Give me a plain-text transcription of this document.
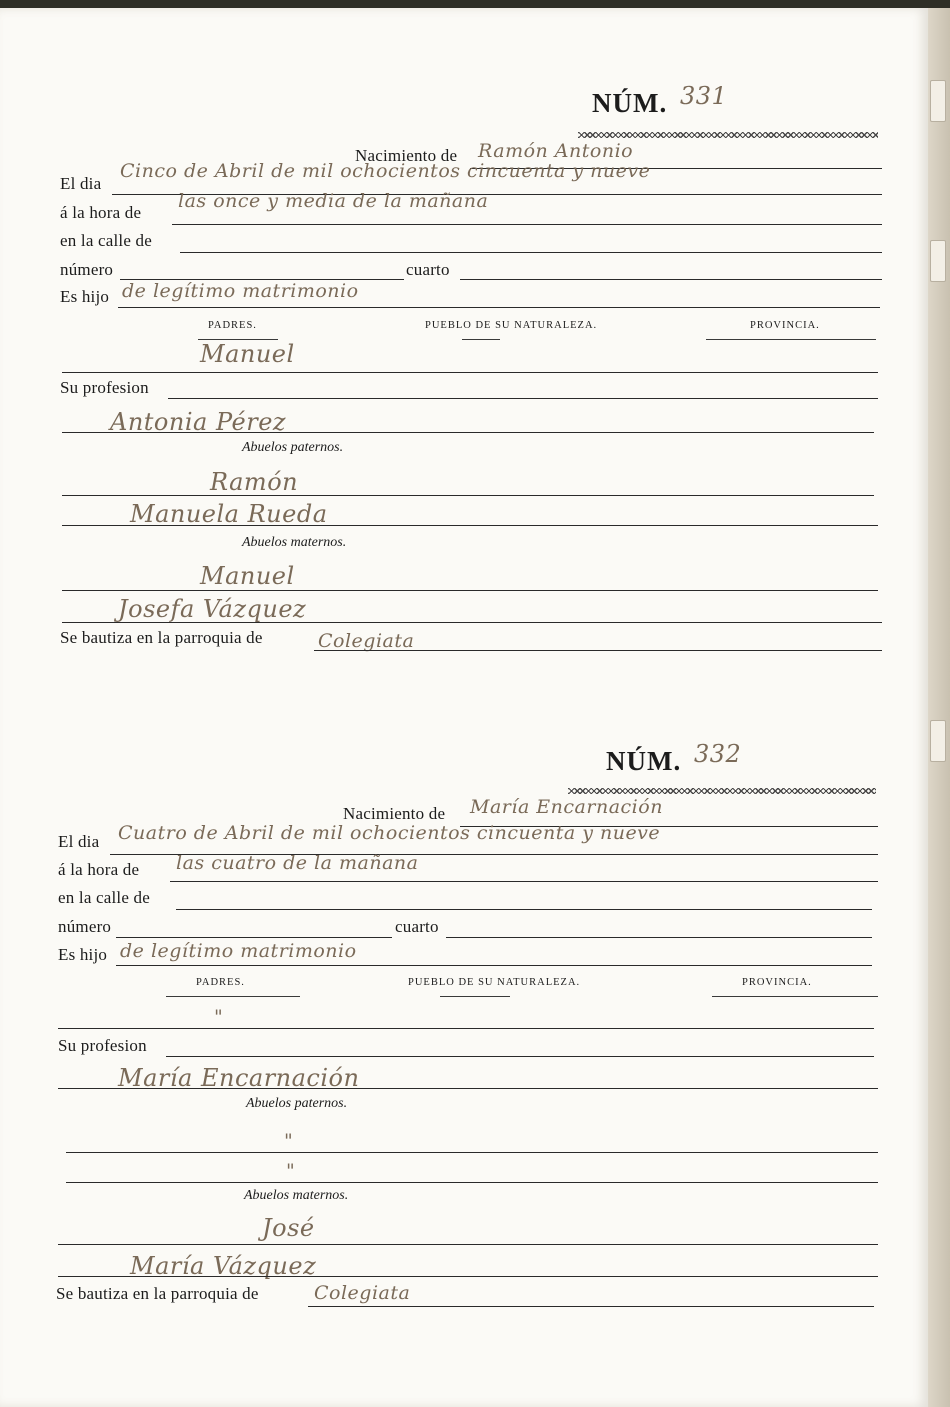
NÚM. 331
Nacimiento de Ramón Antonio
El dia
Cinco de Abril de mil ochocientos cincuenta y nueve
á la hora de
las once y media de la mañana
en la calle de
número	cuarto
Es hijo de legítimo matrimonio
PADRES.	PUEBLO DE SU NATURALEZA.	PROVINCIA.
Manuel
Su profesion
Antonia Pérez
Abuelos paternos.
Ramón
Manuela Rueda
Abuelos maternos.
Manuel
Josefa Vázquez
Se bautiza en la parroquia de	Colegiata
NÚM. 332
Nacimiento de María Encarnación
El dia Cuatro de Abril de mil ochocientos cincuenta y nueve
á la hora de las cuatro de la mañana
en la calle de
número	cuarto
Es hijo de legítimo matrimonio
PADRES.	PUEBLO DE SU NATURALEZA.	PROVINCIA.
"
Su profesion
María Encarnación
Abuelos paternos.
"
"
Abuelos maternos.
José
María Vázquez
Se bautiza en la parroquia de	Colegiata
